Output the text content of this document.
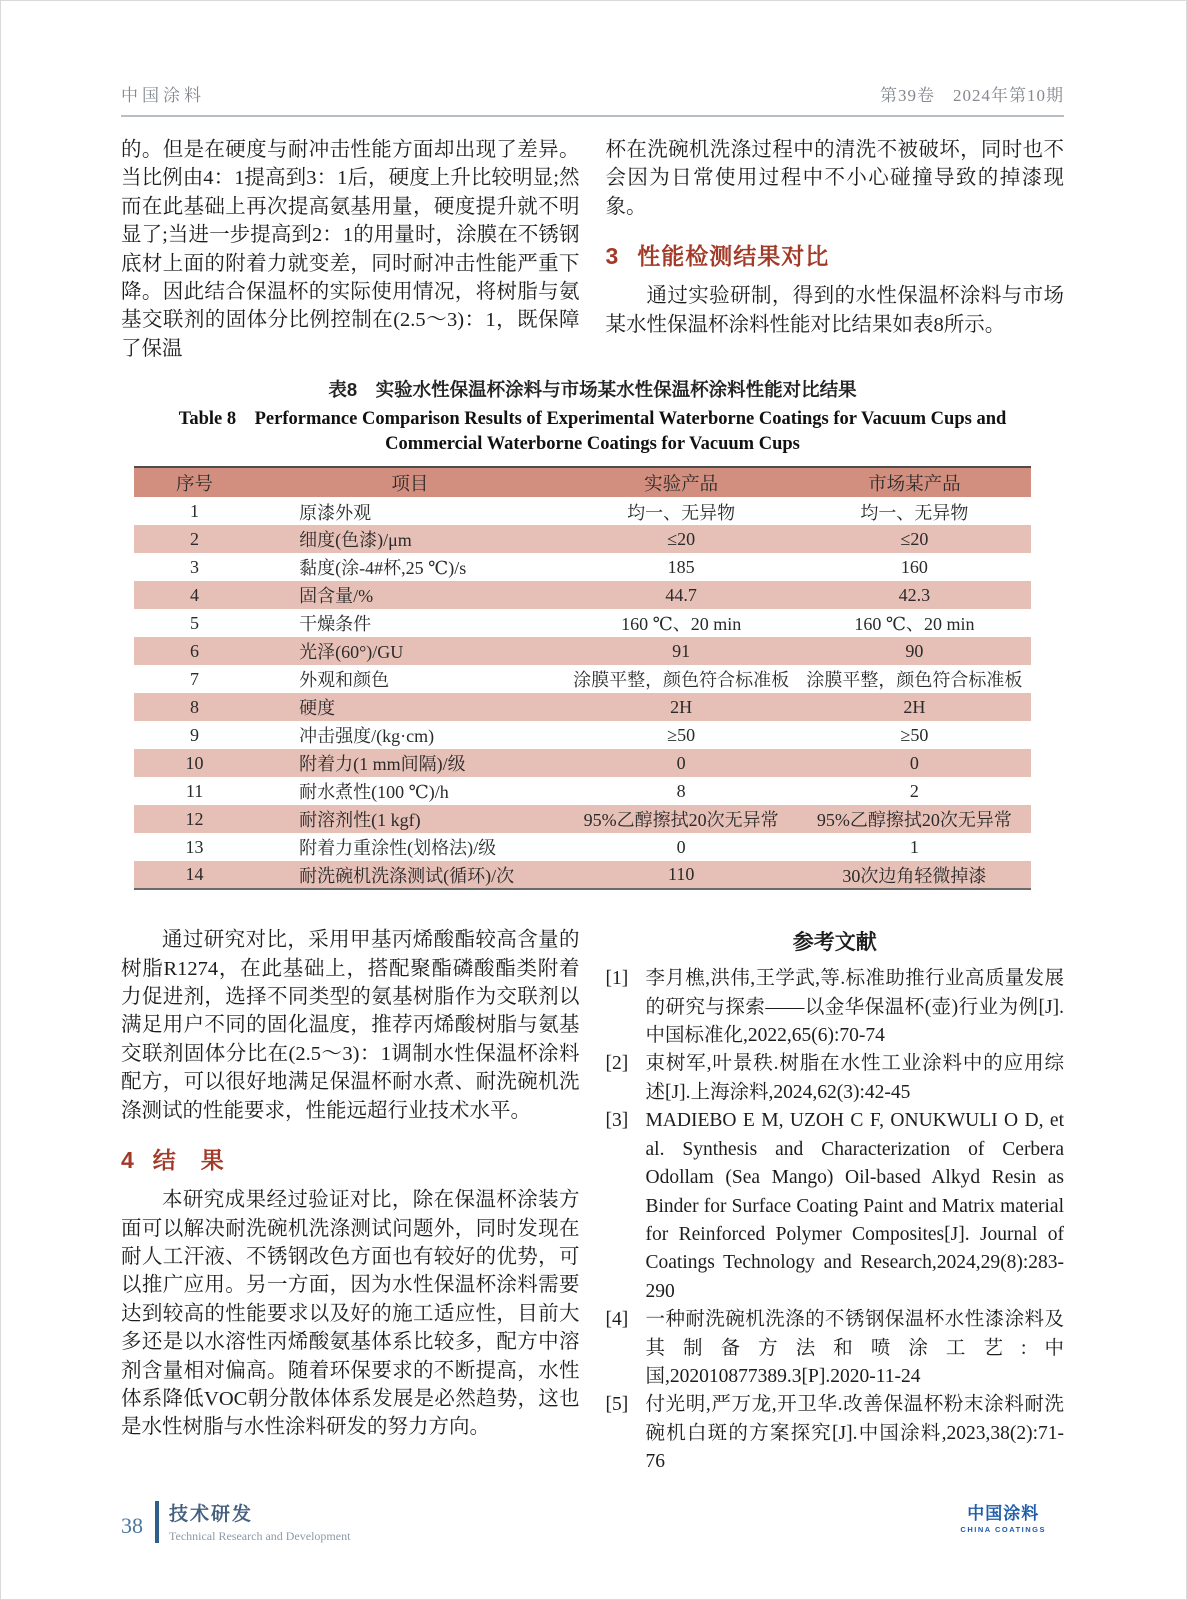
中国涂料	第39卷　2024年第10期

的。但是在硬度与耐冲击性能方面却出现了差异。当比例由4：1提高到3：1后，硬度上升比较明显;然而在此基础上再次提高氨基用量，硬度提升就不明显了;当进一步提高到2：1的用量时，涂膜在不锈钢底材上面的附着力就变差，同时耐冲击性能严重下降。因此结合保温杯的实际使用情况，将树脂与氨基交联剂的固体分比例控制在(2.5～3)：1，既保障了保温

杯在洗碗机洗涤过程中的清洗不被破坏，同时也不会因为日常使用过程中不小心碰撞导致的掉漆现象。

3 性能检测结果对比

通过实验研制，得到的水性保温杯涂料与市场某水性保温杯涂料性能对比结果如表8所示。

表8　实验水性保温杯涂料与市场某水性保温杯涂料性能对比结果
Table 8　Performance Comparison Results of Experimental Waterborne Coatings for Vacuum Cups and Commercial Waterborne Coatings for Vacuum Cups
序号	项目	实验产品	市场某产品
1	原漆外观	均一、无异物	均一、无异物
2	细度(色漆)/μm	≤20	≤20
3	黏度(涂-4#杯,25 ℃)/s	185	160
4	固含量/%	44.7	42.3
5	干燥条件	160 ℃、20 min	160 ℃、20 min
6	光泽(60°)/GU	91	90
7	外观和颜色	涂膜平整，颜色符合标准板	涂膜平整，颜色符合标准板
8	硬度	2H	2H
9	冲击强度/(kg·cm)	≥50	≥50
10	附着力(1 mm间隔)/级	0	0
11	耐水煮性(100 ℃)/h	8	2
12	耐溶剂性(1 kgf)	95%乙醇擦拭20次无异常	95%乙醇擦拭20次无异常
13	附着力重涂性(划格法)/级	0	1
14	耐洗碗机洗涤测试(循环)/次	110	30次边角轻微掉漆

通过研究对比，采用甲基丙烯酸酯较高含量的树脂R1274，在此基础上，搭配聚酯磷酸酯类附着力促进剂，选择不同类型的氨基树脂作为交联剂以满足用户不同的固化温度，推荐丙烯酸树脂与氨基交联剂固体分比在(2.5～3)：1调制水性保温杯涂料配方，可以很好地满足保温杯耐水煮、耐洗碗机洗涤测试的性能要求，性能远超行业技术水平。

4 结　果

本研究成果经过验证对比，除在保温杯涂装方面可以解决耐洗碗机洗涤测试问题外，同时发现在耐人工汗液、不锈钢改色方面也有较好的优势，可以推广应用。另一方面，因为水性保温杯涂料需要达到较高的性能要求以及好的施工适应性，目前大多还是以水溶性丙烯酸氨基体系比较多，配方中溶剂含量相对偏高。随着环保要求的不断提高，水性体系降低VOC朝分散体体系发展是必然趋势，这也是水性树脂与水性涂料研发的努力方向。

参考文献
[1] 李月樵,洪伟,王学武,等.标准助推行业高质量发展的研究与探索——以金华保温杯(壶)行业为例[J].中国标准化,2022,65(6):70-74
[2] 束树军,叶景秩.树脂在水性工业涂料中的应用综述[J].上海涂料,2024,62(3):42-45
[3] MADIEBO E M, UZOH C F, ONUKWULI O D, et al. Synthesis and Characterization of Cerbera Odollam (Sea Mango) Oil-based Alkyd Resin as Binder for Surface Coating Paint and Matrix material for Reinforced Polymer Composites[J]. Journal of Coatings Technology and Research,2024,29(8):283-290
[4] 一种耐洗碗机洗涤的不锈钢保温杯水性漆涂料及其制备方法和喷涂工艺:中国,202010877389.3[P].2020-11-24
[5] 付光明,严万龙,开卫华.改善保温杯粉末涂料耐洗碗机白斑的方案探究[J].中国涂料,2023,38(2):71-76
中国涂料
CHINA COATINGS
38 技术研发
Technical Research and Development
